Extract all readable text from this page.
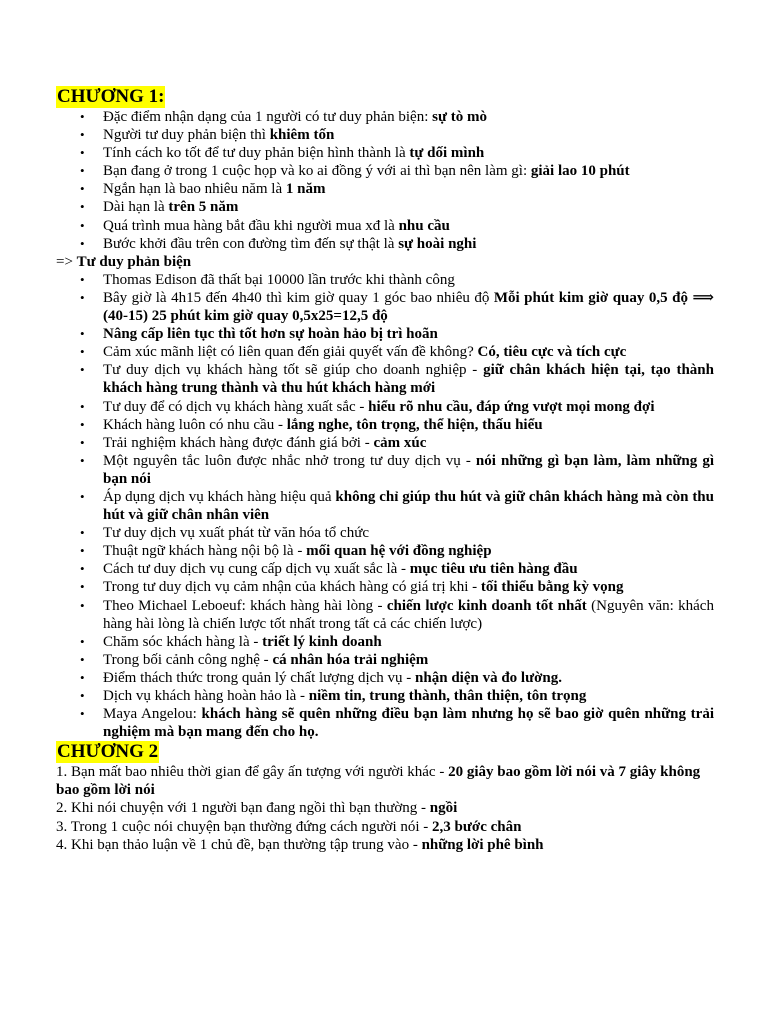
CHƯƠNG 1:
• Đặc điểm nhận dạng của 1 người có tư duy phản biện: sự tò mò
• Người tư duy phản biện thì khiêm tốn
• Tính cách ko tốt để tư duy phản biện hình thành là tự dối mình
• Bạn đang ở trong 1 cuộc họp và ko ai đồng ý với ai thì bạn nên làm gì: giải lao 10 phút
• Ngắn hạn là bao nhiêu năm là 1 năm
• Dài hạn là trên 5 năm
• Quá trình mua hàng bắt đầu khi người mua xđ là nhu cầu
• Bước khởi đầu trên con đường tìm đến sự thật là sự hoài nghi

=> Tư duy phản biện

• Thomas Edison đã thất bại 10000 lần trước khi thành công
• Bây giờ là 4h15 đến 4h40 thì kim giờ quay 1 góc bao nhiêu độ Mỗi phút kim giờ quay 0,5 độ ⟹ (40-15) 25 phút kim giờ quay 0,5x25=12,5 độ
• Nâng cấp liên tục thì tốt hơn sự hoàn hảo bị trì hoãn
• Cảm xúc mãnh liệt có liên quan đến giải quyết vấn đề không? Có, tiêu cực và tích cực
• Tư duy dịch vụ khách hàng tốt sẽ giúp cho doanh nghiệp - giữ chân khách hiện tại, tạo thành khách hàng trung thành và thu hút khách hàng mới
• Tư duy để có dịch vụ khách hàng xuất sắc - hiểu rõ nhu cầu, đáp ứng vượt mọi mong đợi
• Khách hàng luôn có nhu cầu - lắng nghe, tôn trọng, thể hiện, thấu hiểu
• Trải nghiệm khách hàng được đánh giá bởi - cảm xúc
• Một nguyên tắc luôn được nhắc nhở trong tư duy dịch vụ - nói những gì bạn làm, làm những gì bạn nói
• Áp dụng dịch vụ khách hàng hiệu quả không chỉ giúp thu hút và giữ chân khách hàng mà còn thu hút và giữ chân nhân viên
• Tư duy dịch vụ xuất phát từ văn hóa tổ chức
• Thuật ngữ khách hàng nội bộ là - mối quan hệ với đồng nghiệp
• Cách tư duy dịch vụ cung cấp dịch vụ xuất sắc là - mục tiêu ưu tiên hàng đầu
• Trong tư duy dịch vụ cảm nhận của khách hàng có giá trị khi - tối thiểu bằng kỳ vọng
• Theo Michael Leboeuf: khách hàng hài lòng - chiến lược kinh doanh tốt nhất (Nguyên văn: khách hàng hài lòng là chiến lược tốt nhất trong tất cả các chiến lược)
• Chăm sóc khách hàng là - triết lý kinh doanh
• Trong bối cảnh công nghệ - cá nhân hóa trải nghiệm
• Điểm thách thức trong quản lý chất lượng dịch vụ - nhận diện và đo lường.
• Dịch vụ khách hàng hoàn hảo là - niềm tin, trung thành, thân thiện, tôn trọng
• Maya Angelou: khách hàng sẽ quên những điều bạn làm nhưng họ sẽ bao giờ quên những trải nghiệm mà bạn mang đến cho họ.
CHƯƠNG 2

1. Bạn mất bao nhiêu thời gian để gây ấn tượng với người khác - 20 giây bao gồm lời nói và 7 giây không bao gồm lời nói

2. Khi nói chuyện với 1 người bạn đang ngồi thì bạn thường - ngồi

3. Trong 1 cuộc nói chuyện bạn thường đứng cách người nói - 2,3 bước chân

4. Khi bạn thảo luận về 1 chủ đề, bạn thường tập trung vào - những lời phê bình
